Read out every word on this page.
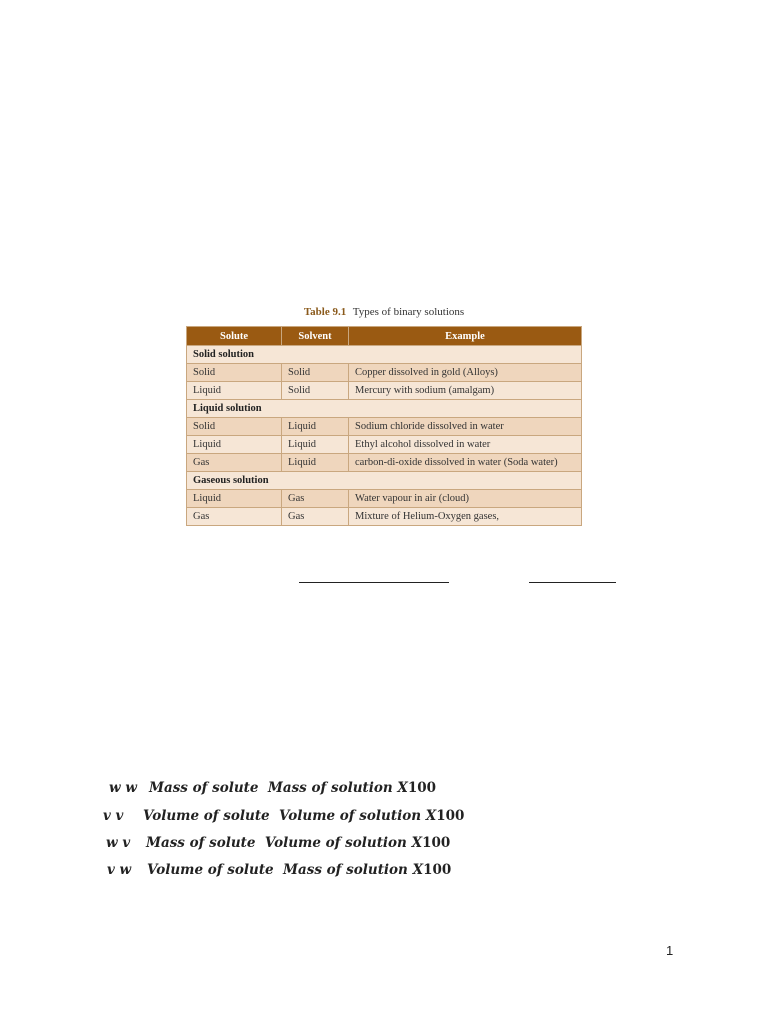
Table 9.1 Types of binary solutions
Solute	Solvent	Example
Solid solution		
Solid	Solid	Copper dissolved in gold (Alloys)
Liquid	Solid	Mercury with sodium (amalgam)
Liquid solution		
Solid	Liquid	Sodium chloride dissolved in water
Liquid	Liquid	Ethyl alcohol dissolved in water
Gas	Liquid	carbon-di-oxide dissolved in water (Soda water)
Gaseous solution		
Liquid	Gas	Water vapour in air (cloud)
Gas	Gas	Mixture of Helium-Oxygen gases,
w w Mass of solute  Mass of solution X100
v v Volume of solute  Volume of solution X100
w v Mass of solute  Volume of solution X100
v w Volume of solute  Mass of solution X100
1
